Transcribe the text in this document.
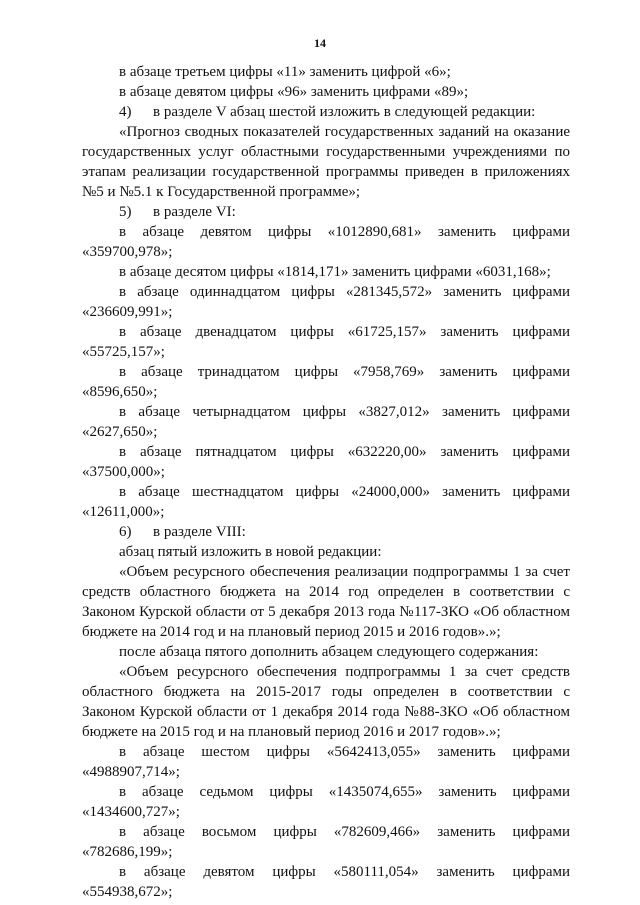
14
в абзаце третьем цифры «11» заменить цифрой «6»;
в абзаце девятом цифры «96» заменить цифрами «89»;
4)	в разделе V абзац шестой изложить в следующей редакции:
«Прогноз сводных показателей государственных заданий на оказание государственных услуг областными государственными учреждениями по этапам реализации государственной программы приведен в приложениях №5 и №5.1 к Государственной программе»;
5)	в разделе VI:
в абзаце девятом цифры «1012890,681» заменить цифрами
«359700,978»;
в абзаце десятом цифры «1814,171» заменить цифрами «6031,168»;
в абзаце одиннадцатом цифры «281345,572» заменить цифрами
«236609,991»;
в абзаце двенадцатом цифры «61725,157» заменить цифрами
«55725,157»;
в абзаце тринадцатом цифры «7958,769» заменить цифрами
«8596,650»;
в абзаце четырнадцатом цифры «3827,012» заменить цифрами
«2627,650»;
в абзаце пятнадцатом цифры «632220,00» заменить цифрами
«37500,000»;
в абзаце шестнадцатом цифры «24000,000» заменить цифрами
«12611,000»;
6)	в разделе VIII:
абзац пятый изложить в новой редакции:
«Объем ресурсного обеспечения реализации подпрограммы 1 за счет средств областного бюджета на 2014 год определен в соответствии с Законом Курской области от 5 декабря 2013 года №117-ЗКО «Об областном бюджете на 2014 год и на плановый период 2015 и 2016 годов».»;
после абзаца пятого дополнить абзацем следующего содержания:
«Объем ресурсного обеспечения подпрограммы 1 за счет средств областного бюджета на 2015-2017 годы определен в соответствии с Законом Курской области от 1 декабря 2014 года №88-ЗКО «Об областном бюджете на 2015 год и на плановый период 2016 и 2017 годов».»;
в абзаце шестом цифры «5642413,055» заменить цифрами
«4988907,714»;
в абзаце седьмом цифры «1435074,655» заменить цифрами
«1434600,727»;
в абзаце восьмом цифры «782609,466» заменить цифрами
«782686,199»;
в абзаце девятом цифры «580111,054» заменить цифрами
«554938,672»;
